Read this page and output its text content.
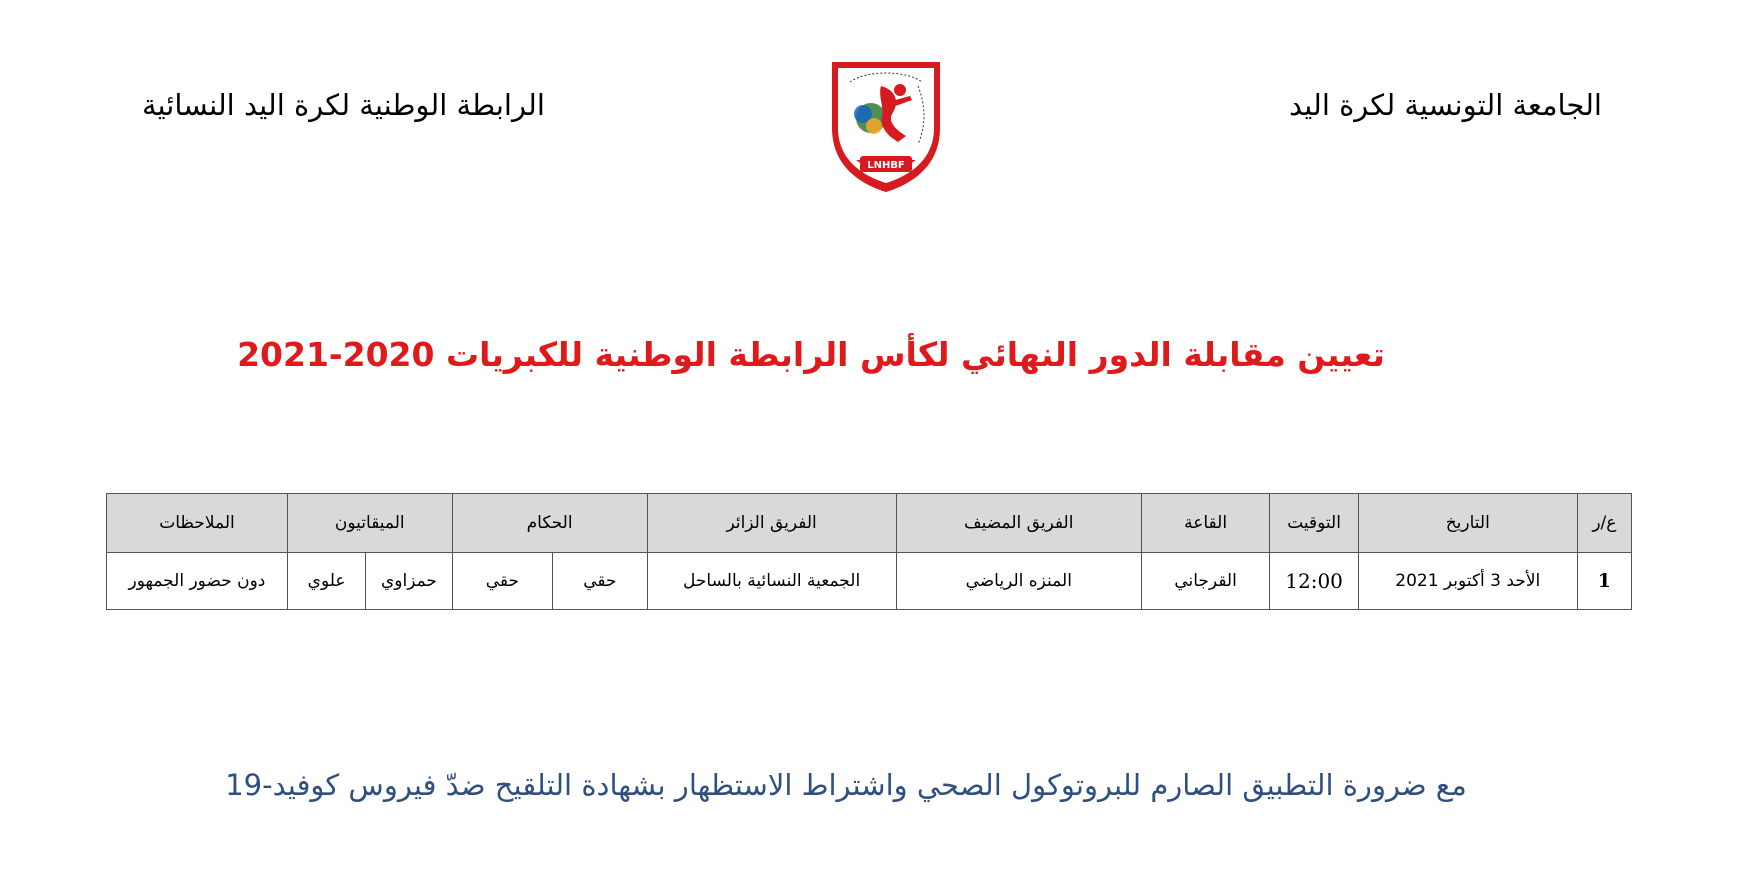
الجامعة التونسية لكرة اليد
الرابطة الوطنية لكرة اليد النسائية
LNHBF
تعيين مقابلة الدور النهائي لكأس الرابطة الوطنية للكبريات 2020-2021
ع/ر	التاريخ	التوقيت	القاعة	الفريق المضيف	الفريق الزائر	الحكام		الميقاتيون		الملاحظات
1	الأحد 3 أكتوبر 2021	12:00	القرجاني	المنزه الرياضي	الجمعية النسائية بالساحل	حقي	حقي	حمزاوي	علوي	دون حضور الجمهور
مع ضرورة التطبيق الصارم للبروتوكول الصحي واشتراط الاستظهار بشهادة التلقيح ضدّ فيروس كوفيد-19
